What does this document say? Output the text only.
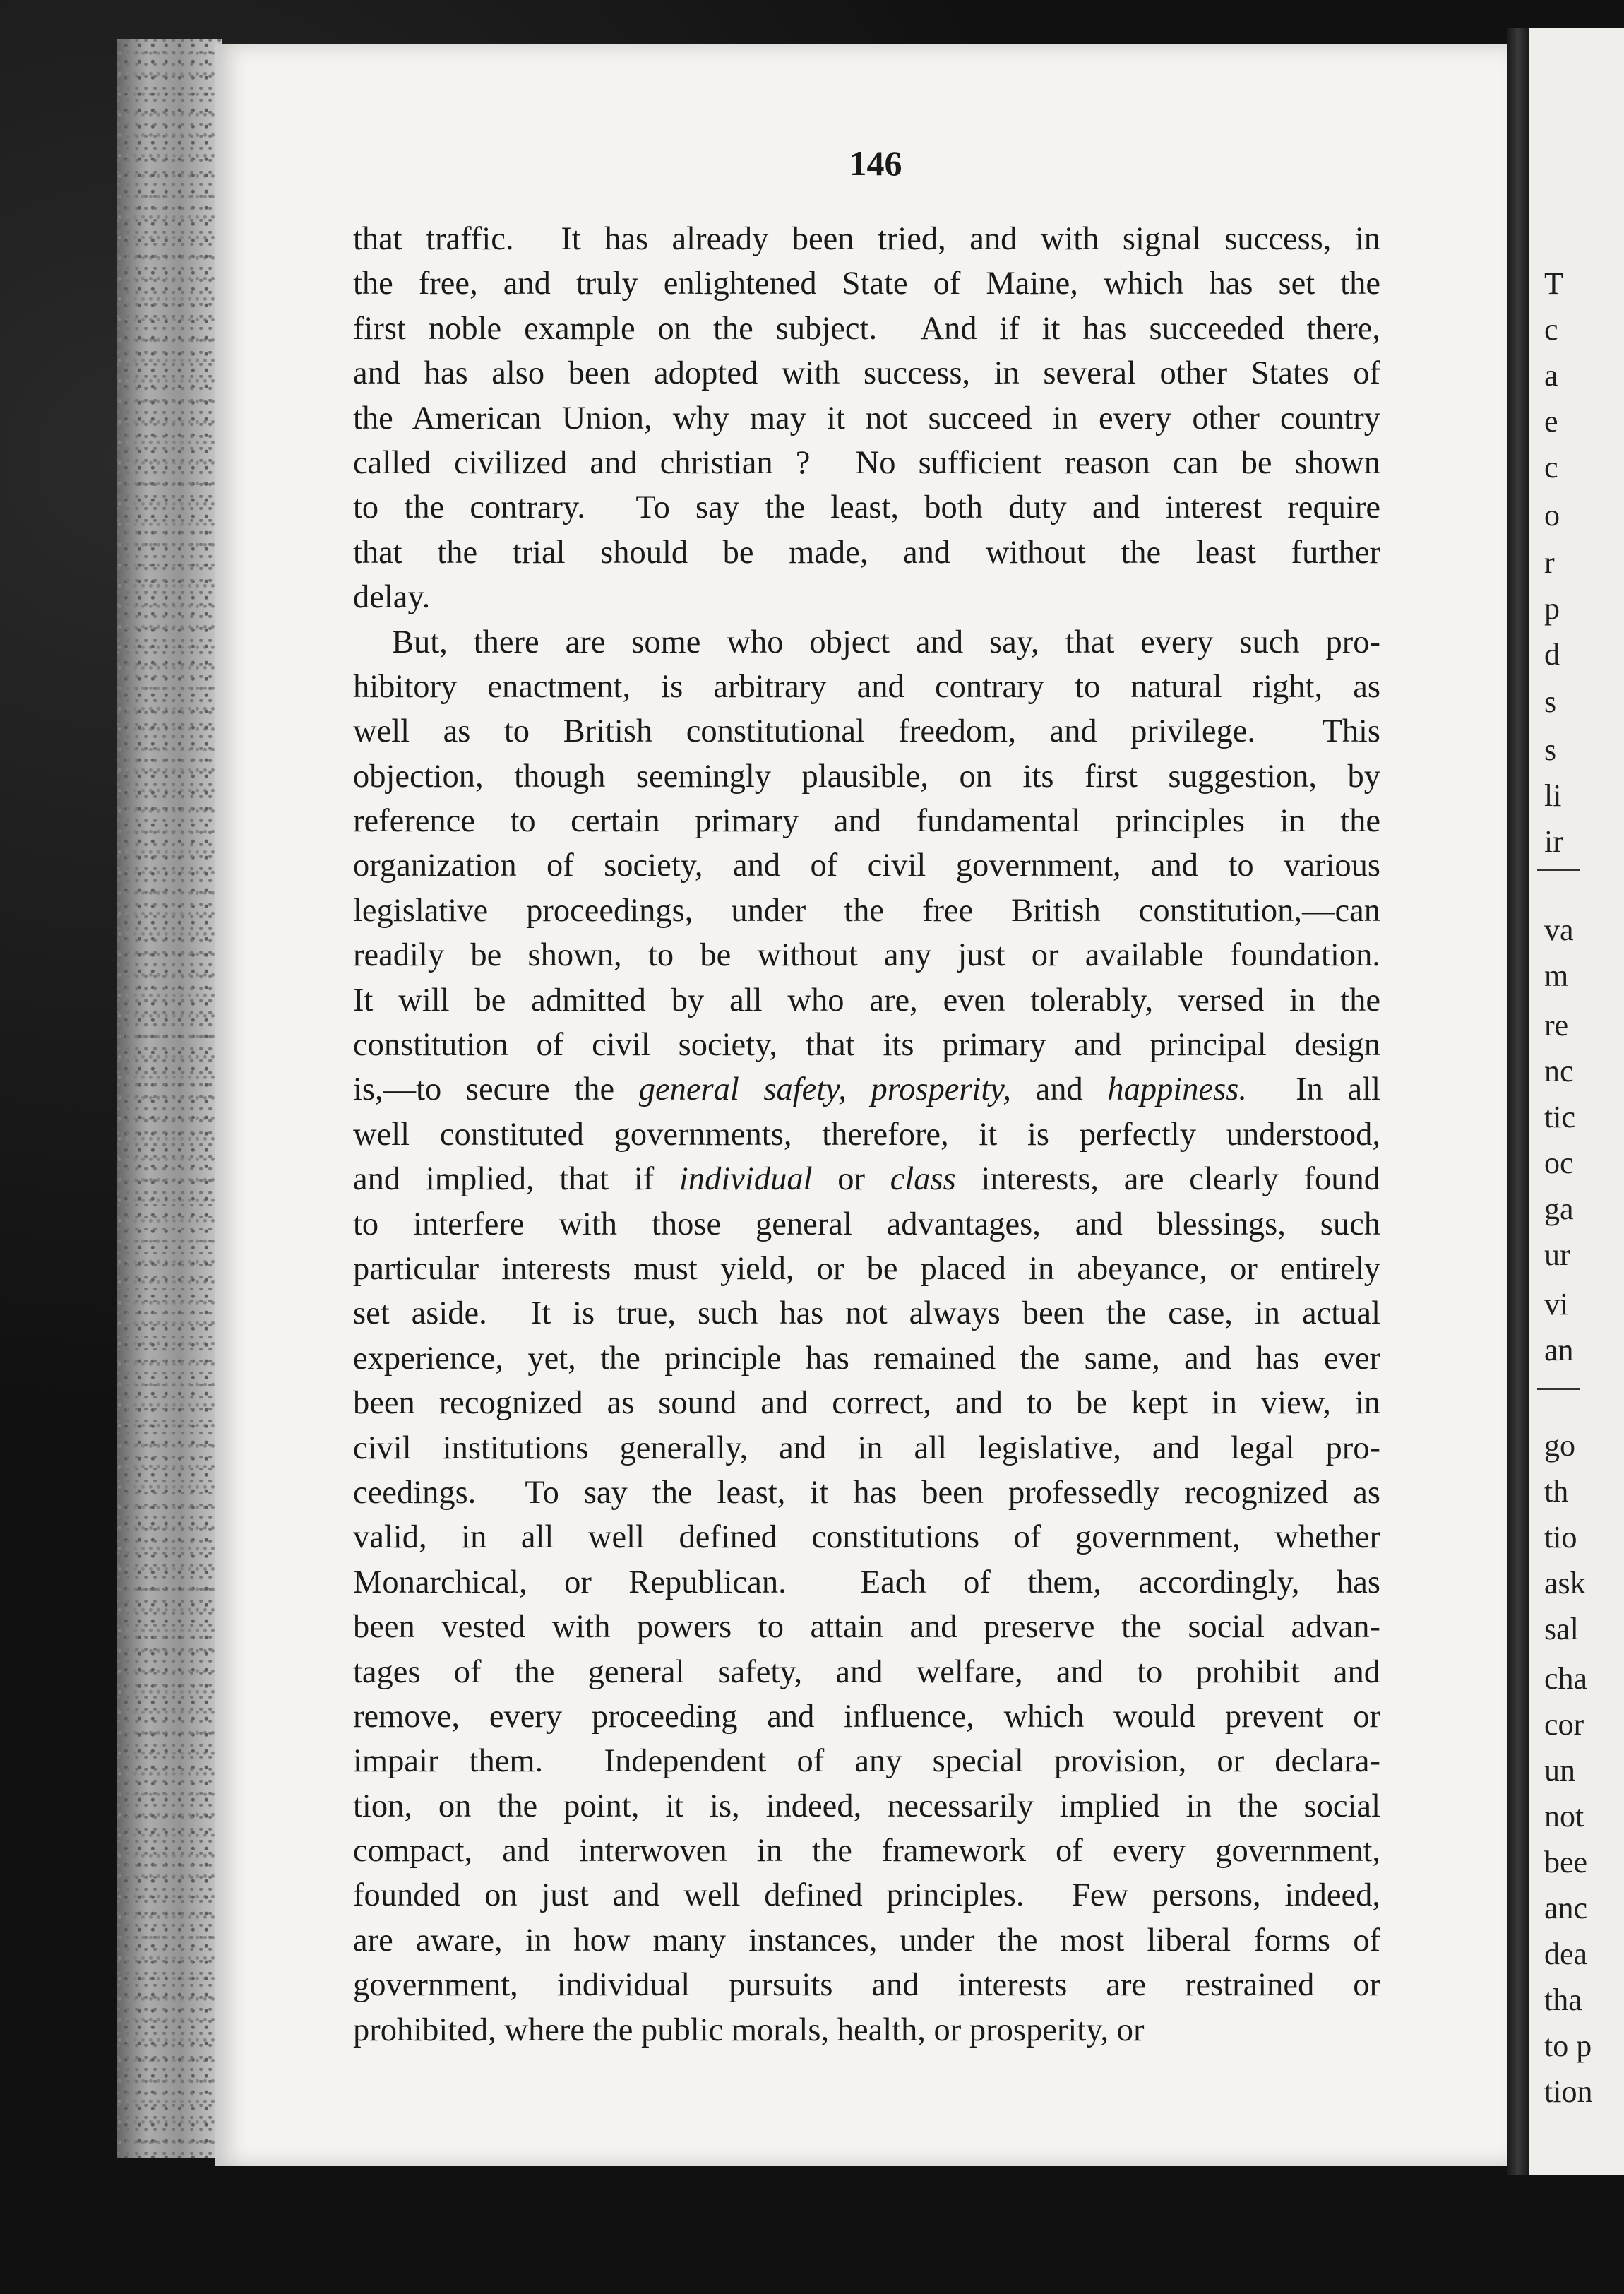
146
that traffic.  It has already been tried, and with signal success, in
the free, and truly enlightened State of Maine, which has set the
first noble example on the subject.  And if it has succeeded there,
and has also been adopted with success, in several other States of
the American Union, why may it not succeed in every other country
called civilized and christian ?  No sufficient reason can be shown
to the contrary.  To say the least, both duty and interest require
that the trial should be made, and without the least further
delay.
But, there are some who object and say, that every such pro-
hibitory enactment, is arbitrary and contrary to natural right, as
well as to British constitutional freedom, and privilege.  This
objection, though seemingly plausible, on its first suggestion, by
reference to certain primary and fundamental principles in the
organization of society, and of civil government, and to various
legislative proceedings, under the free British constitution,—can
readily be shown, to be without any just or available foundation.
It will be admitted by all who are, even tolerably, versed in the
constitution of civil society, that its primary and principal design
is,—to secure the general safety, prosperity, and happiness.  In all
well constituted governments, therefore, it is perfectly understood,
and implied, that if individual or class interests, are clearly found
to interfere with those general advantages, and blessings, such
particular interests must yield, or be placed in abeyance, or entirely
set aside.  It is true, such has not always been the case, in actual
experience, yet, the principle has remained the same, and has ever
been recognized as sound and correct, and to be kept in view, in
civil institutions generally, and in all legislative, and legal pro-
ceedings.  To say the least, it has been professedly recognized as
valid, in all well defined constitutions of government, whether
Monarchical, or Republican.  Each of them, accordingly, has
been vested with powers to attain and preserve the social advan-
tages of the general safety, and welfare, and to prohibit and
remove, every proceeding and influence, which would prevent or
impair them.  Independent of any special provision, or declara-
tion, on the point, it is, indeed, necessarily implied in the social
compact, and interwoven in the framework of every government,
founded on just and well defined principles.  Few persons, indeed,
are aware, in how many instances, under the most liberal forms of
government, individual pursuits and interests are restrained or
prohibited, where the public morals, health, or prosperity, or
T
c
a
e
c
o
r
p
d
s
s
li
ir
va
m
re
nc
tic
oc
ga
ur
vi
an
go
th
tio
ask
sal
cha
cor
un
not
bee
anc
dea
tha
to p
tion
